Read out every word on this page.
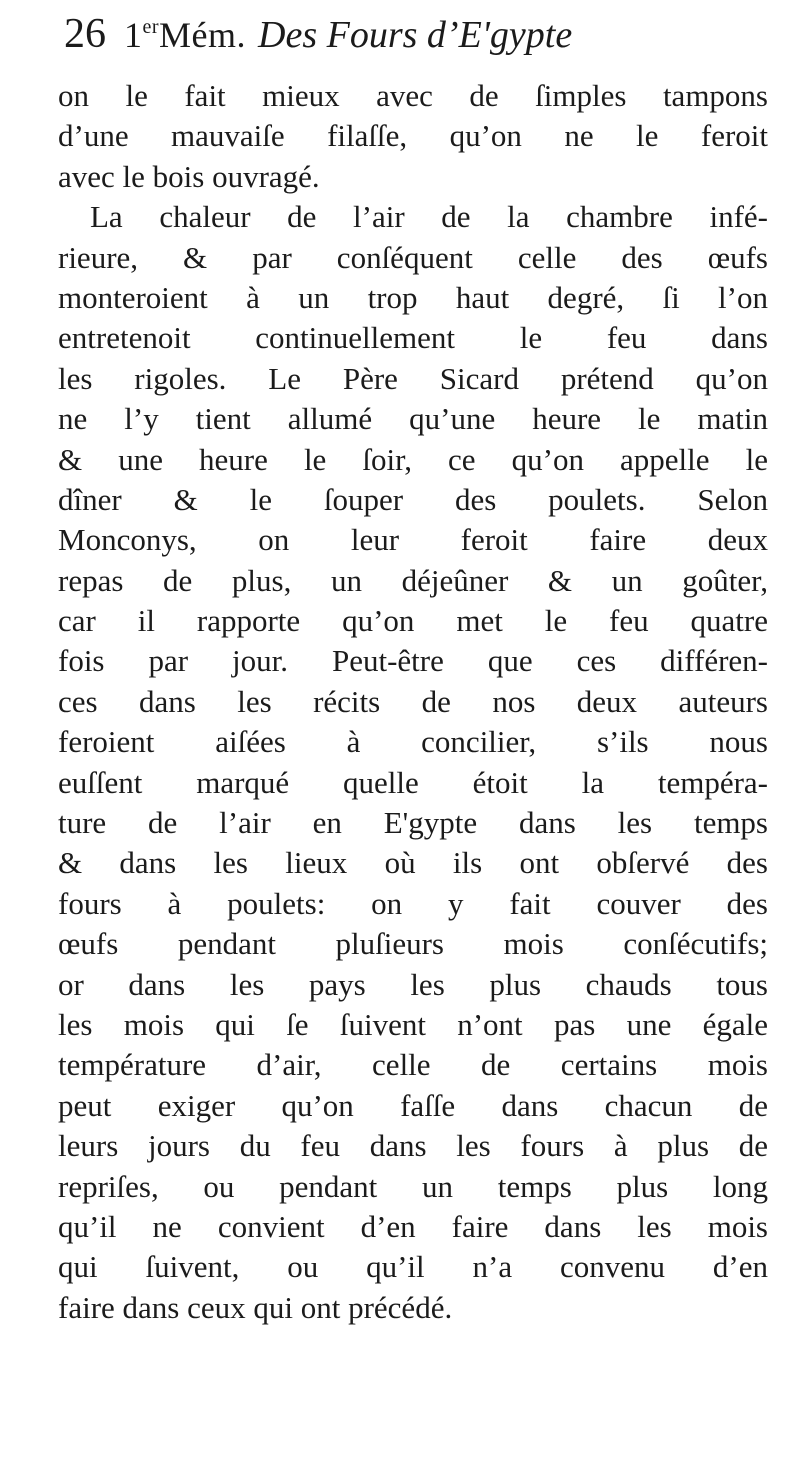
26 1erMém. Des Fours d’E'gypte
on le fait mieux avec de ſimples tampons
d’une mauvaiſe filaſſe, qu’on ne le feroit
avec le bois ouvragé.
La chaleur de l’air de la chambre infé-
rieure, & par conſéquent celle des œufs
monteroient à un trop haut degré, ſi l’on
entretenoit continuellement le feu dans
les rigoles. Le Père Sicard prétend qu’on
ne l’y tient allumé qu’une heure le matin
& une heure le ſoir, ce qu’on appelle le
dîner & le ſouper des poulets. Selon
Monconys, on leur feroit faire deux
repas de plus, un déjeûner & un goûter,
car il rapporte qu’on met le feu quatre
fois par jour. Peut-être que ces différen-
ces dans les récits de nos deux auteurs
feroient aiſées à concilier, s’ils nous
euſſent marqué quelle étoit la tempéra-
ture de l’air en E'gypte dans les temps
& dans les lieux où ils ont obſervé des
fours à poulets: on y fait couver des
œufs pendant pluſieurs mois conſécutifs;
or dans les pays les plus chauds tous
les mois qui ſe ſuivent n’ont pas une égale
température d’air, celle de certains mois
peut exiger qu’on faſſe dans chacun de
leurs jours du feu dans les fours à plus de
repriſes, ou pendant un temps plus long
qu’il ne convient d’en faire dans les mois
qui ſuivent, ou qu’il n’a convenu d’en
faire dans ceux qui ont précédé.
